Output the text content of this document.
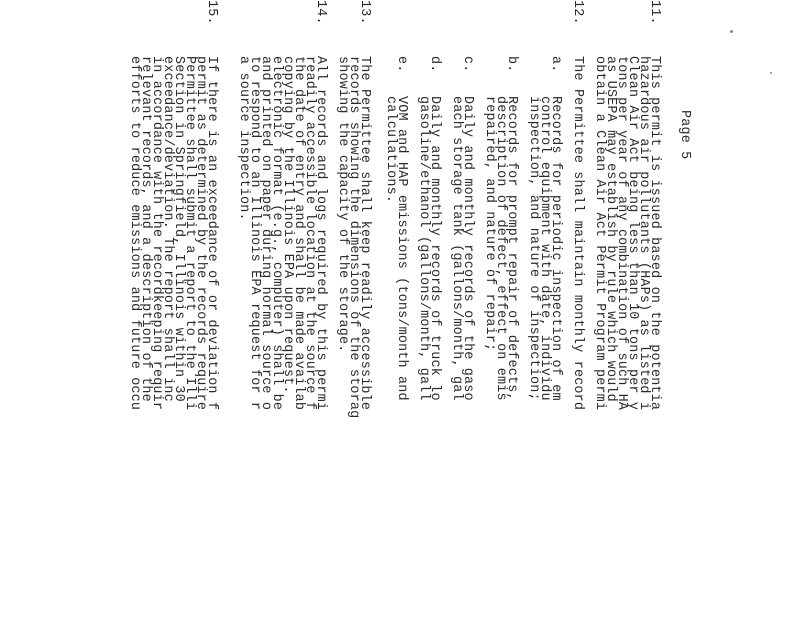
Page 5
11.
This permit is issued based on the potentia
hazardous air pollutants (HAPs) as listed i
Clean Air Act being less than 10 tons per y
tons per year of any combination of such HA
as USEPA may establish by rule which would
obtain a Clean Air Act Permit Program permi
12.
The Permittee shall maintain monthly record
a.
Records for periodic inspection of em
control equipment with date, individu
inspection, and nature of inspection;
b.
Records for prompt repair of defects,
description of defect, effect on emis
repaired, and nature of repair;
c.
Daily and monthly records of the gaso
each storage tank (gallons/month, gal
d.
Daily and monthly records of truck lo
gasoline/ethanol (gallons/month, gall
e.
VOM and HAP emissions (tons/month and
calculations.
13.
The Permittee shall keep readily accessible
records showing the dimensions of the storag
showing the capacity of the storage.
14.
All records and logs required by this permi
readily accessible location at the source f
the date of entry and shall be made availab
copying by the Illinois EPA upon request.
electronic format (e.g., computer) shall be
and printed on paper during normal source o
to respond to an Illinois EPA request for r
a source inspection.
15.
If there is an exceedance of or deviation f
permit as determined by the records require
Permittee shall submit a report to the Illi
Section in Springfield, Illinois within 30
exceedance/deviation. The report shall inc
in accordance with the recordkeeping requir
relevant records, and a description of the
efforts to reduce emissions and future occu
